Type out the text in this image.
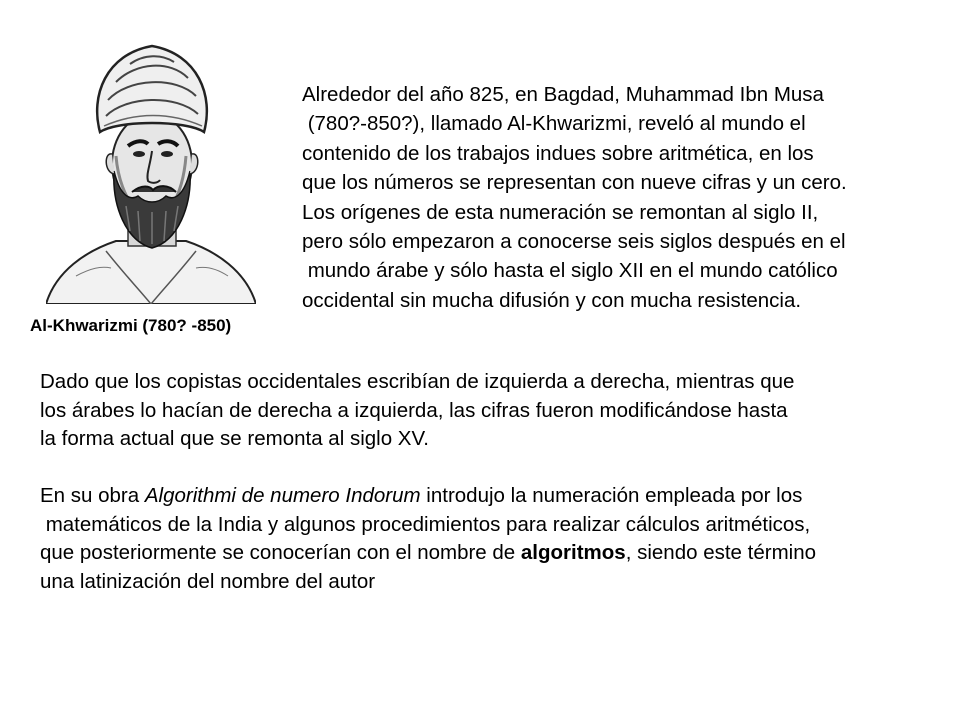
Al-Khwarizmi (780? -850)
Alrededor del año 825, en Bagdad, Muhammad Ibn Musa
(780?-850?), llamado Al-Khwarizmi, reveló al mundo el
contenido de los trabajos indues sobre aritmética, en los
que los números se representan con nueve cifras y un cero.
Los orígenes de esta numeración se remontan al siglo II,
pero sólo empezaron a conocerse seis siglos después en el
mundo árabe y sólo hasta el siglo XII en el mundo católico
occidental sin mucha difusión y con mucha resistencia.
Dado que los copistas occidentales escribían de izquierda a derecha, mientras que
los árabes lo hacían de derecha a izquierda, las cifras fueron modificándose hasta
la forma actual que se remonta al siglo XV.
En su obra Algorithmi de numero Indorum introdujo la numeración empleada por los
matemáticos de la India y algunos procedimientos para realizar cálculos aritméticos,
que posteriormente se conocerían con el nombre de algoritmos, siendo este término
una latinización del nombre del autor
